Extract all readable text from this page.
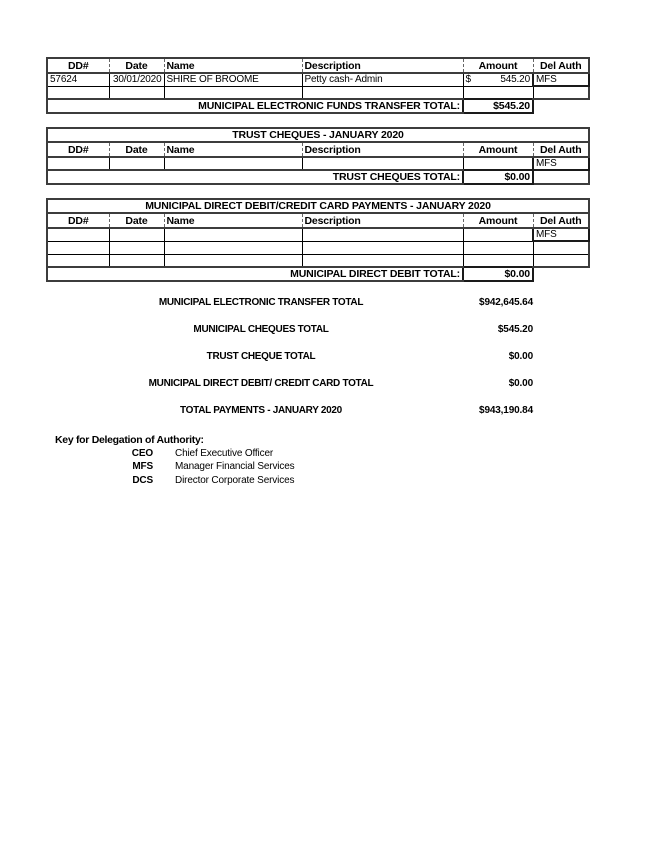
DD#	Date	Name	Description	Amount	Del Auth
57624	30/01/2020	SHIRE OF BROOME	Petty cash- Admin	$ 545.20	MFS

MUNICIPAL ELECTRONIC FUNDS TRANSFER TOTAL:				$545.20	
TRUST CHEQUES - JANUARY 2020					
DD#	Date	Name	Description	Amount	Del Auth
					MFS
TRUST CHEQUES TOTAL:				$0.00	
MUNICIPAL DIRECT DEBIT/CREDIT CARD PAYMENTS - JANUARY 2020					
DD#	Date	Name	Description	Amount	Del Auth
					MFS

MUNICIPAL DIRECT DEBIT TOTAL:				$0.00	
MUNICIPAL ELECTRONIC TRANSFER TOTAL	$942,645.64
MUNICIPAL CHEQUES TOTAL	$545.20
TRUST CHEQUE TOTAL	$0.00
MUNICIPAL DIRECT DEBIT/ CREDIT CARD TOTAL	$0.00
TOTAL PAYMENTS - JANUARY 2020	$943,190.84
Key for Delegation of Authority:
CEO Chief Executive Officer
MFS Manager Financial Services
DCS Director Corporate Services
